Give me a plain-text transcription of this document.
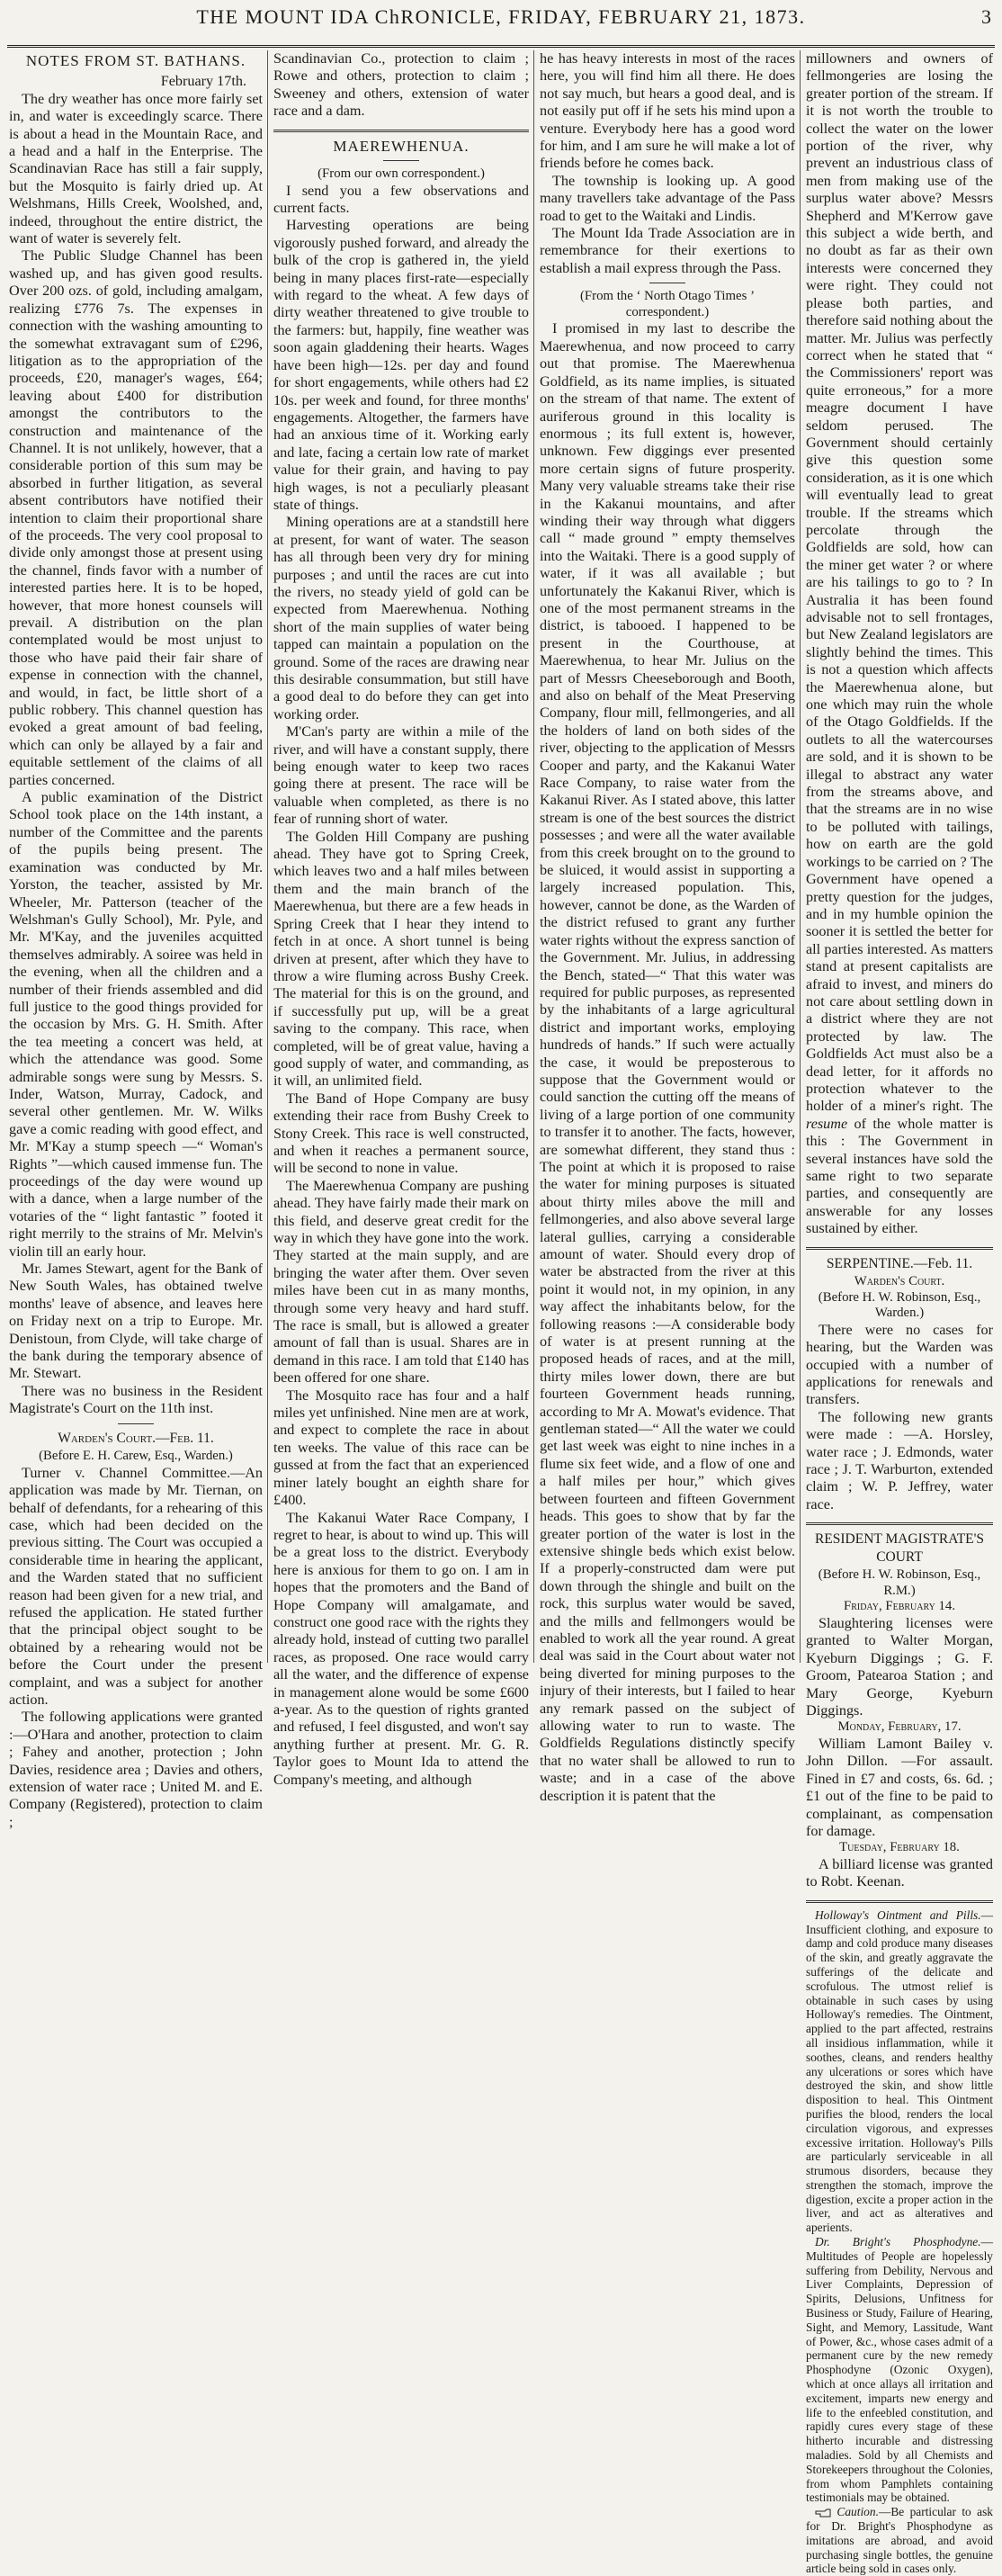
THE MOUNT IDA ChRONICLE, FRIDAY, FEBRUARY 21, 1873.	3
NOTES FROM ST. BATHANS.

February 17th.

The dry weather has once more fairly set in, and water is exceedingly scarce. There is about a head in the Mountain Race, and a head and a half in the Enterprise. The Scandinavian Race has still a fair supply, but the Mosquito is fairly dried up. At Welshmans, Hills Creek, Woolshed, and, indeed, throughout the entire district, the want of water is severely felt.

The Public Sludge Channel has been washed up, and has given good results. Over 200 ozs. of gold, including amalgam, realizing £776 7s. The expenses in connection with the washing amounting to the somewhat extravagant sum of £296, litigation as to the appropriation of the proceeds, £20, manager's wages, £64; leaving about £400 for distribution amongst the contributors to the construction and maintenance of the Channel. It is not unlikely, however, that a considerable portion of this sum may be absorbed in further litigation, as several absent contributors have notified their intention to claim their proportional share of the proceeds. The very cool proposal to divide only amongst those at present using the channel, finds favor with a number of interested parties here. It is to be hoped, however, that more honest counsels will prevail. A distribution on the plan contemplated would be most unjust to those who have paid their fair share of expense in connection with the channel, and would, in fact, be little short of a public robbery. This channel question has evoked a great amount of bad feeling, which can only be allayed by a fair and equitable settlement of the claims of all parties concerned.

A public examination of the District School took place on the 14th instant, a number of the Committee and the parents of the pupils being present. The examination was conducted by Mr. Yorston, the teacher, assisted by Mr. Wheeler, Mr. Patterson (teacher of the Welshman's Gully School), Mr. Pyle, and Mr. M'Kay, and the juveniles acquitted themselves admirably. A soiree was held in the evening, when all the children and a number of their friends assembled and did full justice to the good things provided for the occasion by Mrs. G. H. Smith. After the tea meeting a concert was held, at which the attendance was good. Some admirable songs were sung by Messrs. S. Inder, Watson, Murray, Cadock, and several other gentlemen. Mr. W. Wilks gave a comic reading with good effect, and Mr. M'Kay a stump speech —“ Woman's Rights ”—which caused immense fun. The proceedings of the day were wound up with a dance, when a large number of the votaries of the “ light fantastic ” footed it right merrily to the strains of Mr. Melvin's violin till an early hour.

Mr. James Stewart, agent for the Bank of New South Wales, has obtained twelve months' leave of absence, and leaves here on Friday next on a trip to Europe. Mr. Denistoun, from Clyde, will take charge of the bank during the temporary absence of Mr. Stewart.

There was no business in the Resident Magistrate's Court on the 11th inst.

Warden's Court.—Feb. 11.

(Before E. H. Carew, Esq., Warden.)

Turner v. Channel Committee.—An application was made by Mr. Tiernan, on behalf of defendants, for a rehearing of this case, which had been decided on the previous sitting. The Court was occupied a considerable time in hearing the applicant, and the Warden stated that no sufficient reason had been given for a new trial, and refused the application. He stated further that the principal object sought to be obtained by a rehearing would not be before the Court under the present complaint, and was a subject for another action.

The following applications were granted :—O'Hara and another, protection to claim ; Fahey and another, protection ; John Davies, residence area ; Davies and others, extension of water race ; United M. and E. Company (Registered), protection to claim ;

Scandinavian Co., protection to claim ; Rowe and others, protection to claim ; Sweeney and others, extension of water race and a dam.

MAEREWHENUA.

(From our own correspondent.)

I send you a few observations and current facts.

Harvesting operations are being vigorously pushed forward, and already the bulk of the crop is gathered in, the yield being in many places first-rate—especially with regard to the wheat. A few days of dirty weather threatened to give trouble to the farmers: but, happily, fine weather was soon again gladdening their hearts. Wages have been high—12s. per day and found for short engagements, while others had £2 10s. per week and found, for three months' engagements. Altogether, the farmers have had an anxious time of it. Working early and late, facing a certain low rate of market value for their grain, and having to pay high wages, is not a peculiarly pleasant state of things.

Mining operations are at a standstill here at present, for want of water. The season has all through been very dry for mining purposes ; and until the races are cut into the rivers, no steady yield of gold can be expected from Maerewhenua. Nothing short of the main supplies of water being tapped can maintain a population on the ground. Some of the races are drawing near this desirable consummation, but still have a good deal to do before they can get into working order.

M'Can's party are within a mile of the river, and will have a constant supply, there being enough water to keep two races going there at present. The race will be valuable when completed, as there is no fear of running short of water.

The Golden Hill Company are pushing ahead. They have got to Spring Creek, which leaves two and a half miles between them and the main branch of the Maerewhenua, but there are a few heads in Spring Creek that I hear they intend to fetch in at once. A short tunnel is being driven at present, after which they have to throw a wire fluming across Bushy Creek. The material for this is on the ground, and if successfully put up, will be a great saving to the company. This race, when completed, will be of great value, having a good supply of water, and commanding, as it will, an unlimited field.

The Band of Hope Company are busy extending their race from Bushy Creek to Stony Creek. This race is well constructed, and when it reaches a permanent source, will be second to none in value.

The Maerewhenua Company are pushing ahead. They have fairly made their mark on this field, and deserve great credit for the way in which they have gone into the work. They started at the main supply, and are bringing the water after them. Over seven miles have been cut in as many months, through some very heavy and hard stuff. The race is small, but is allowed a greater amount of fall than is usual. Shares are in demand in this race. I am told that £140 has been offered for one share.

The Mosquito race has four and a half miles yet unfinished. Nine men are at work, and expect to complete the race in about ten weeks. The value of this race can be gussed at from the fact that an experienced miner lately bought an eighth share for £400.

The Kakanui Water Race Company, I regret to hear, is about to wind up. This will be a great loss to the district. Everybody here is anxious for them to go on. I am in hopes that the promoters and the Band of Hope Company will amalgamate, and construct one good race with the rights they already hold, instead of cutting two parallel races, as proposed. One race would carry all the water, and the difference of expense in management alone would be some £600 a-year. As to the question of rights granted and refused, I feel disgusted, and won't say anything further at present. Mr. G. R. Taylor goes to Mount Ida to attend the Company's meeting, and although

he has heavy interests in most of the races here, you will find him all there. He does not say much, but hears a good deal, and is not easily put off if he sets his mind upon a venture. Everybody here has a good word for him, and I am sure he will make a lot of friends before he comes back.

The township is looking up. A good many travellers take advantage of the Pass road to get to the Waitaki and Lindis.

The Mount Ida Trade Association are in remembrance for their exertions to establish a mail express through the Pass.

(From the ‘ North Otago Times ’ correspondent.)

I promised in my last to describe the Maerewhenua, and now proceed to carry out that promise. The Maerewhenua Goldfield, as its name implies, is situated on the stream of that name. The extent of auriferous ground in this locality is enormous ; its full extent is, however, unknown. Few diggings ever presented more certain signs of future prosperity. Many very valuable streams take their rise in the Kakanui mountains, and after winding their way through what diggers call “ made ground ” empty themselves into the Waitaki. There is a good supply of water, if it was all available ; but unfortunately the Kakanui River, which is one of the most permanent streams in the district, is tabooed. I happened to be present in the Courthouse, at Maerewhenua, to hear Mr. Julius on the part of Messrs Cheeseborough and Booth, and also on behalf of the Meat Preserving Company, flour mill, fellmongeries, and all the holders of land on both sides of the river, objecting to the application of Messrs Cooper and party, and the Kakanui Water Race Company, to raise water from the Kakanui River. As I stated above, this latter stream is one of the best sources the district possesses ; and were all the water available from this creek brought on to the ground to be sluiced, it would assist in supporting a largely increased population. This, however, cannot be done, as the Warden of the district refused to grant any further water rights without the express sanction of the Government. Mr. Julius, in addressing the Bench, stated—“ That this water was required for public purposes, as represented by the inhabitants of a large agricultural district and important works, employing hundreds of hands.” If such were actually the case, it would be preposterous to suppose that the Government would or could sanction the cutting off the means of living of a large portion of one community to transfer it to another. The facts, however, are somewhat different, they stand thus : The point at which it is proposed to raise the water for mining purposes is situated about thirty miles above the mill and fellmongeries, and also above several large lateral gullies, carrying a considerable amount of water. Should every drop of water be abstracted from the river at this point it would not, in my opinion, in any way affect the inhabitants below, for the following reasons :—A considerable body of water is at present running at the proposed heads of races, and at the mill, thirty miles lower down, there are but fourteen Government heads running, according to Mr A. Mowat's evidence. That gentleman stated—“ All the water we could get last week was eight to nine inches in a flume six feet wide, and a flow of one and a half miles per hour,” which gives between fourteen and fifteen Government heads. This goes to show that by far the greater portion of the water is lost in the extensive shingle beds which exist below. If a properly-constructed dam were put down through the shingle and built on the rock, this surplus water would be saved, and the mills and fellmongers would be enabled to work all the year round. A great deal was said in the Court about water not being diverted for mining purposes to the injury of their interests, but I failed to hear any remark passed on the subject of allowing water to run to waste. The Goldfields Regulations distinctly specify that no water shall be allowed to run to waste; and in a case of the above description it is patent that the

millowners and owners of fellmongeries are losing the greater portion of the stream. If it is not worth the trouble to collect the water on the lower portion of the river, why prevent an industrious class of men from making use of the surplus water above? Messrs Shepherd and M'Kerrow gave this subject a wide berth, and no doubt as far as their own interests were concerned they were right. They could not please both parties, and therefore said nothing about the matter. Mr. Julius was perfectly correct when he stated that “ the Commissioners' report was quite erroneous,” for a more meagre document I have seldom perused. The Government should certainly give this question some consideration, as it is one which will eventually lead to great trouble. If the streams which percolate through the Goldfields are sold, how can the miner get water ? or where are his tailings to go to ? In Australia it has been found advisable not to sell frontages, but New Zealand legislators are slightly behind the times. This is not a question which affects the Maerewhenua alone, but one which may ruin the whole of the Otago Goldfields. If the outlets to all the watercourses are sold, and it is shown to be illegal to abstract any water from the streams above, and that the streams are in no wise to be polluted with tailings, how on earth are the gold workings to be carried on ? The Government have opened a pretty question for the judges, and in my humble opinion the sooner it is settled the better for all parties interested. As matters stand at present capitalists are afraid to invest, and miners do not care about settling down in a district where they are not protected by law. The Goldfields Act must also be a dead letter, for it affords no protection whatever to the holder of a miner's right. The resume of the whole matter is this : The Government in several instances have sold the same right to two separate parties, and consequently are answerable for any losses sustained by either.

SERPENTINE.—Feb. 11.

Warden's Court.

(Before H. W. Robinson, Esq., Warden.)

There were no cases for hearing, but the Warden was occupied with a number of applications for renewals and transfers.

The following new grants were made : —A. Horsley, water race ; J. Edmonds, water race ; J. T. Warburton, extended claim ; W. P. Jeffrey, water race.

RESIDENT MAGISTRATE'S COURT

(Before H. W. Robinson, Esq., R.M.)

Friday, February 14.

Slaughtering licenses were granted to Walter Morgan, Kyeburn Diggings ; G. F. Groom, Patearoa Station ; and Mary George, Kyeburn Diggings.

Monday, February, 17.

William Lamont Bailey v. John Dillon. —For assault. Fined in £7 and costs, 6s. 6d. ; £1 out of the fine to be paid to complainant, as compensation for damage.

Tuesday, February 18.

A billiard license was granted to Robt. Keenan.

Holloway's Ointment and Pills.—Insufficient clothing, and exposure to damp and cold produce many diseases of the skin, and greatly aggravate the sufferings of the delicate and scrofulous. The utmost relief is obtainable in such cases by using Holloway's remedies. The Ointment, applied to the part affected, restrains all insidious inflammation, while it soothes, cleans, and renders healthy any ulcerations or sores which have destroyed the skin, and show little disposition to heal. This Ointment purifies the blood, renders the local circulation vigorous, and expresses excessive irritation. Holloway's Pills are particularly serviceable in all strumous disorders, because they strengthen the stomach, improve the digestion, excite a proper action in the liver, and act as alteratives and aperients.

Dr. Bright's Phosphodyne.—Multitudes of People are hopelessly suffering from Debility, Nervous and Liver Complaints, Depression of Spirits, Delusions, Unfitness for Business or Study, Failure of Hearing, Sight, and Memory, Lassitude, Want of Power, &c., whose cases admit of a permanent cure by the new remedy Phosphodyne (Ozonic Oxygen), which at once allays all irritation and excitement, imparts new energy and life to the enfeebled constitution, and rapidly cures every stage of these hitherto incurable and distressing maladies. Sold by all Chemists and Storekeepers throughout the Colonies, from whom Pamphlets containing testimonials may be obtained.

Caution.—Be particular to ask for Dr. Bright's Phosphodyne as imitations are abroad, and avoid purchasing single bottles, the genuine article being sold in cases only.
